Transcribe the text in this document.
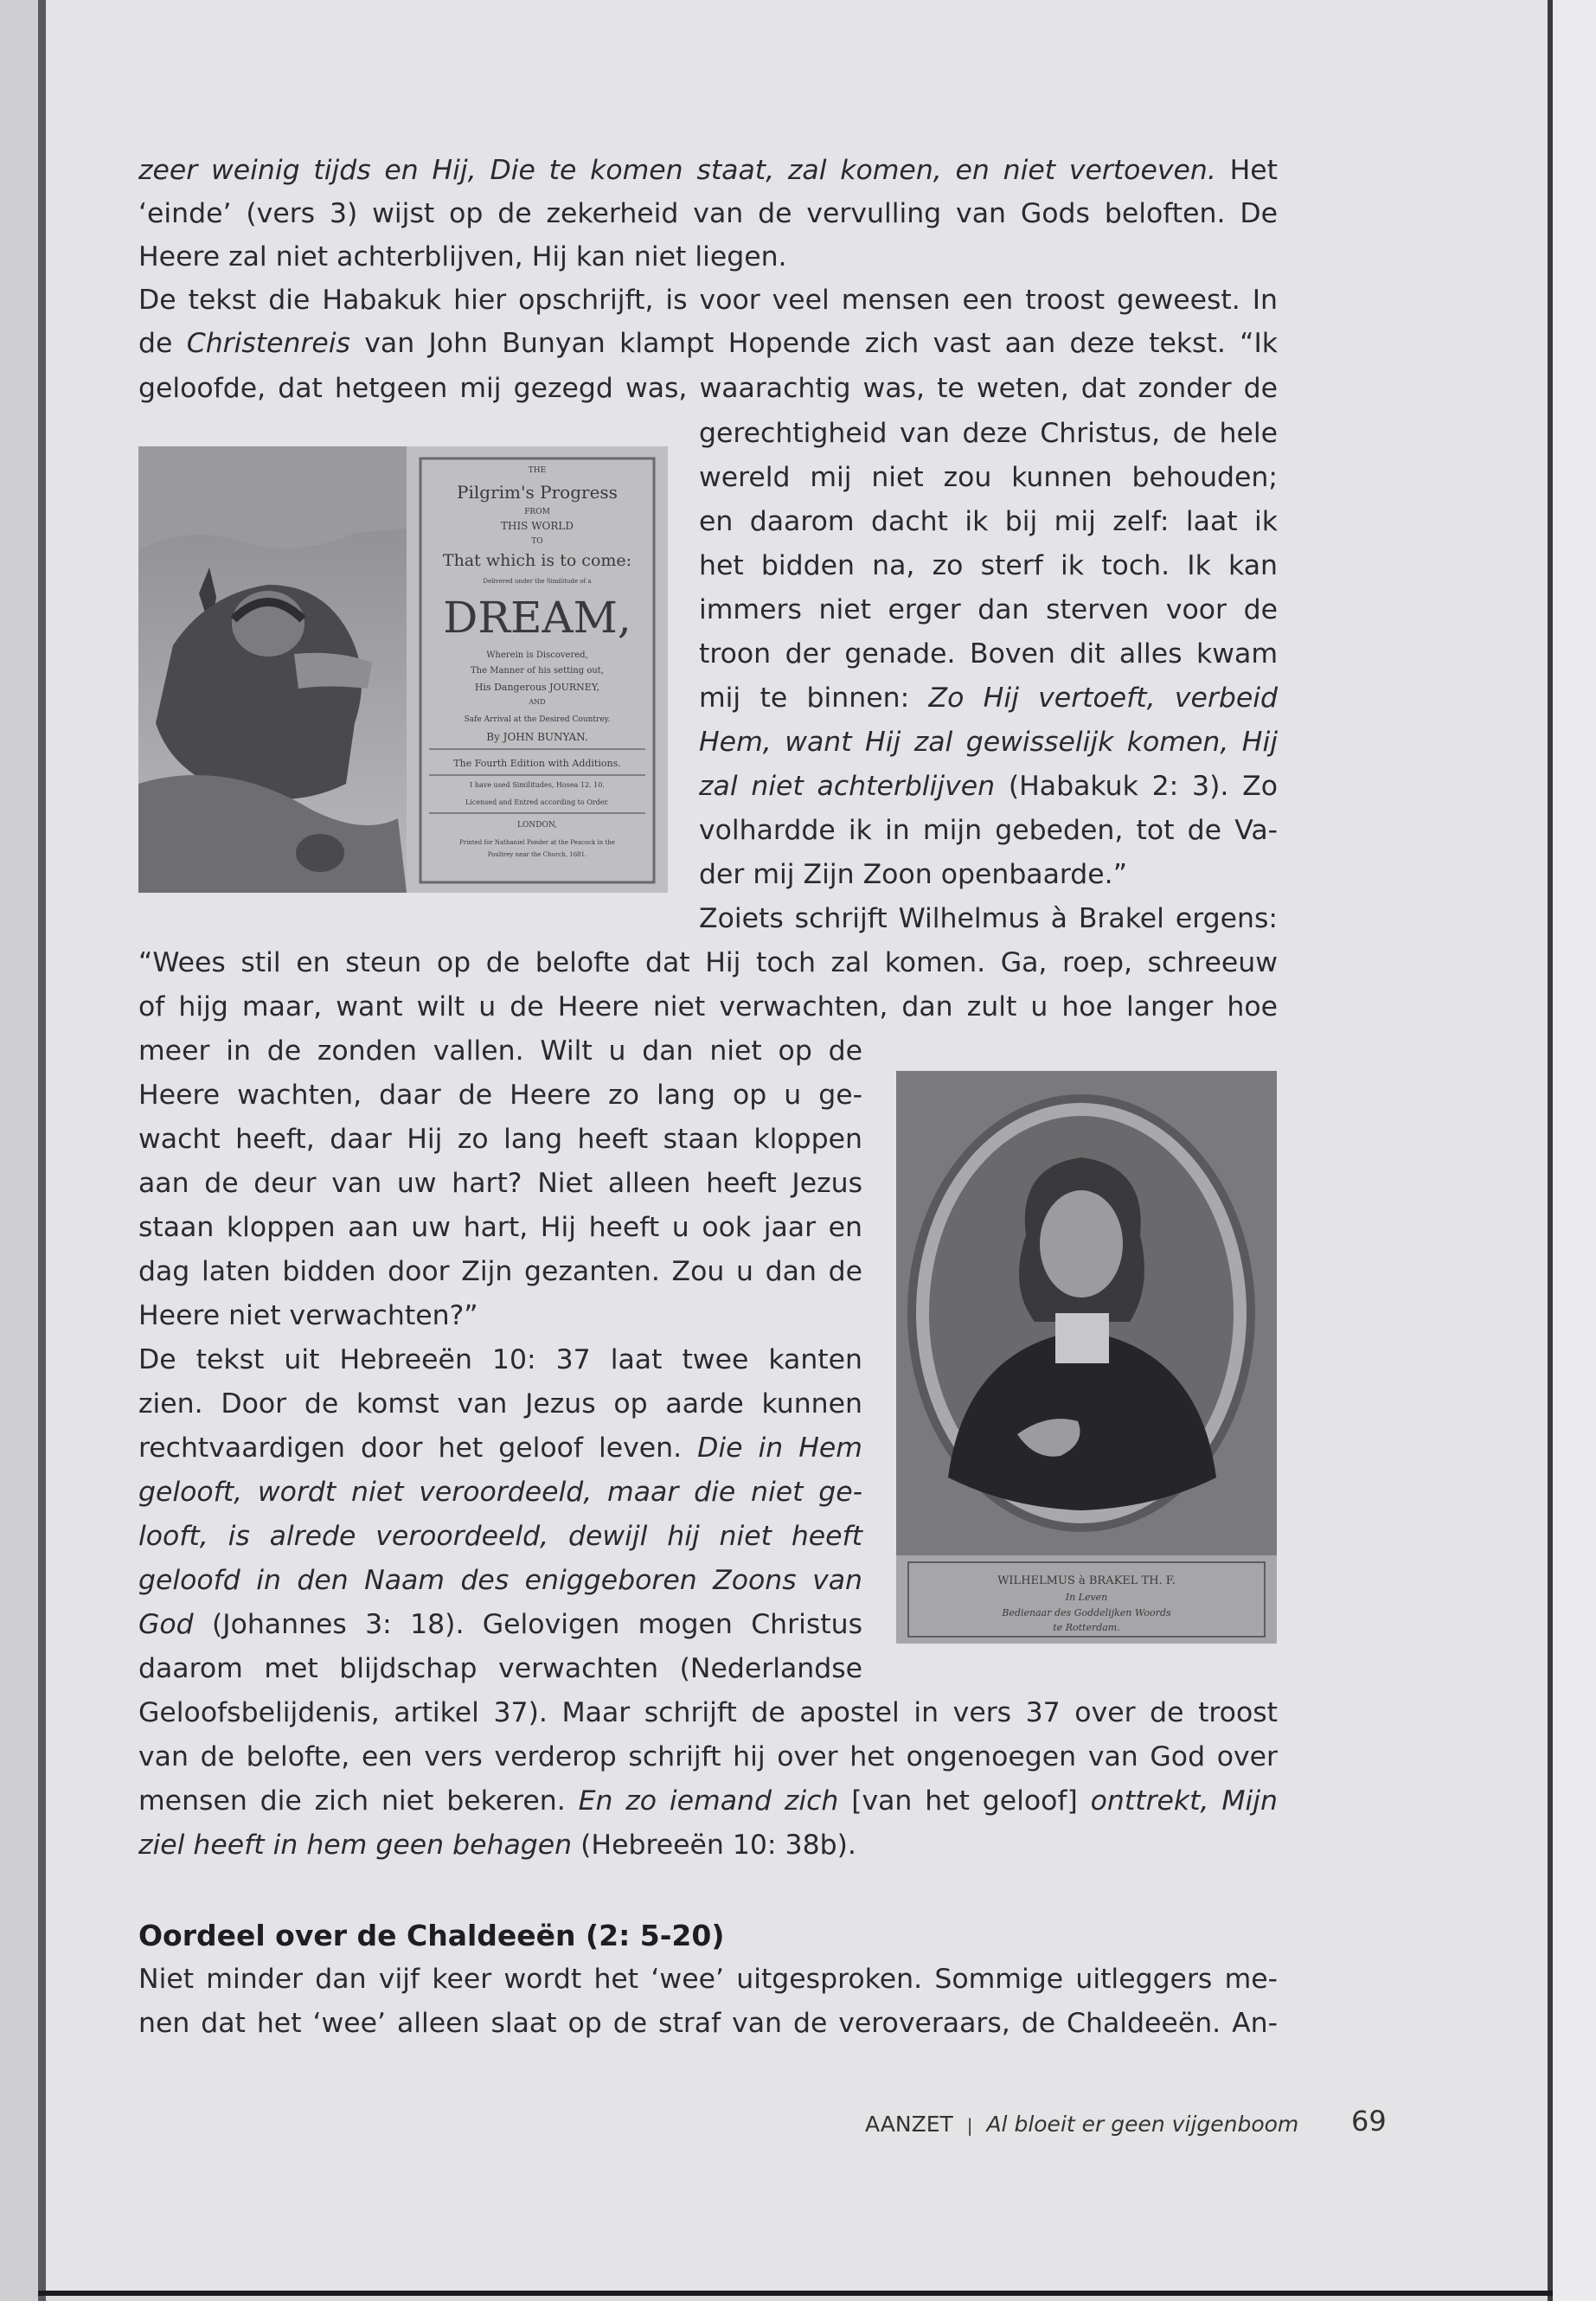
zeer weinig tijds en Hij, Die te komen staat, zal komen, en niet vertoeven. Het
‘einde’ (vers 3) wijst op de zekerheid van de vervulling van Gods beloften. De
Heere zal niet achterblijven, Hij kan niet liegen.
De tekst die Habakuk hier opschrijft, is voor veel mensen een troost geweest. In
de Christenreis van John Bunyan klampt Hopende zich vast aan deze tekst. “Ik
geloofde, dat hetgeen mij gezegd was, waarachtig was, te weten, dat zonder de
gerechtigheid van deze Christus, de hele
wereld mij niet zou kunnen behouden;
en daarom dacht ik bij mij zelf: laat ik
het bidden na, zo sterf ik toch. Ik kan
immers niet erger dan sterven voor de
troon der genade. Boven dit alles kwam
mij te binnen: Zo Hij vertoeft, verbeid
Hem, want Hij zal gewisselijk komen, Hij
zal niet achterblijven (Habakuk 2: 3). Zo
volhardde ik in mijn gebeden, tot de Va-
der mij Zijn Zoon openbaarde.”
Zoiets schrijft Wilhelmus à Brakel ergens:
“Wees stil en steun op de belofte dat Hij toch zal komen. Ga, roep, schreeuw
of hijg maar, want wilt u de Heere niet verwachten, dan zult u hoe langer hoe
meer in de zonden vallen. Wilt u dan niet op de
Heere wachten, daar de Heere zo lang op u ge-
wacht heeft, daar Hij zo lang heeft staan kloppen
aan de deur van uw hart? Niet alleen heeft Jezus
staan kloppen aan uw hart, Hij heeft u ook jaar en
dag laten bidden door Zijn gezanten. Zou u dan de
Heere niet verwachten?”
De tekst uit Hebreeën 10: 37 laat twee kanten
zien. Door de komst van Jezus op aarde kunnen
rechtvaardigen door het geloof leven. Die in Hem
gelooft, wordt niet veroordeeld, maar die niet ge-
looft, is alrede veroordeeld, dewijl hij niet heeft
geloofd in den Naam des eniggeboren Zoons van
God (Johannes 3: 18). Gelovigen mogen Christus
daarom met blijdschap verwachten (Nederlandse
Geloofsbelijdenis, artikel 37). Maar schrijft de apostel in vers 37 over de troost
van de belofte, een vers verderop schrijft hij over het ongenoegen van God over
mensen die zich niet bekeren. En zo iemand zich [van het geloof] onttrekt, Mijn
ziel heeft in hem geen behagen (Hebreeën 10: 38b).
Oordeel over de Chaldeeën (2: 5-20)
Niet minder dan vijf keer wordt het ‘wee’ uitgesproken. Sommige uitleggers me-
nen dat het ‘wee’ alleen slaat op de straf van de veroveraars, de Chaldeeën. An-
THE
Pilgrim's Progress
FROM
THIS WORLD
TO
That which is to come:
Delivered under the Similitude of a
DREAM,
Wherein is Discovered,
The Manner of his setting out,
His Dangerous JOURNEY,
AND
Safe Arrival at the Desired Countrey.
By JOHN BUNYAN.
The Fourth Edition with Additions.
I have used Similitudes, Hosea 12. 10.
Licensed and Entred according to Order.
LONDON,
Printed for Nathaniel Ponder at the Peacock in the
Poultrey near the Church, 1681.
WILHELMUS à BRAKEL TH. F.
In Leven
Bedienaar des Goddelijken Woords
te Rotterdam.
AANZET | Al bloeit er geen vijgenboom 69
